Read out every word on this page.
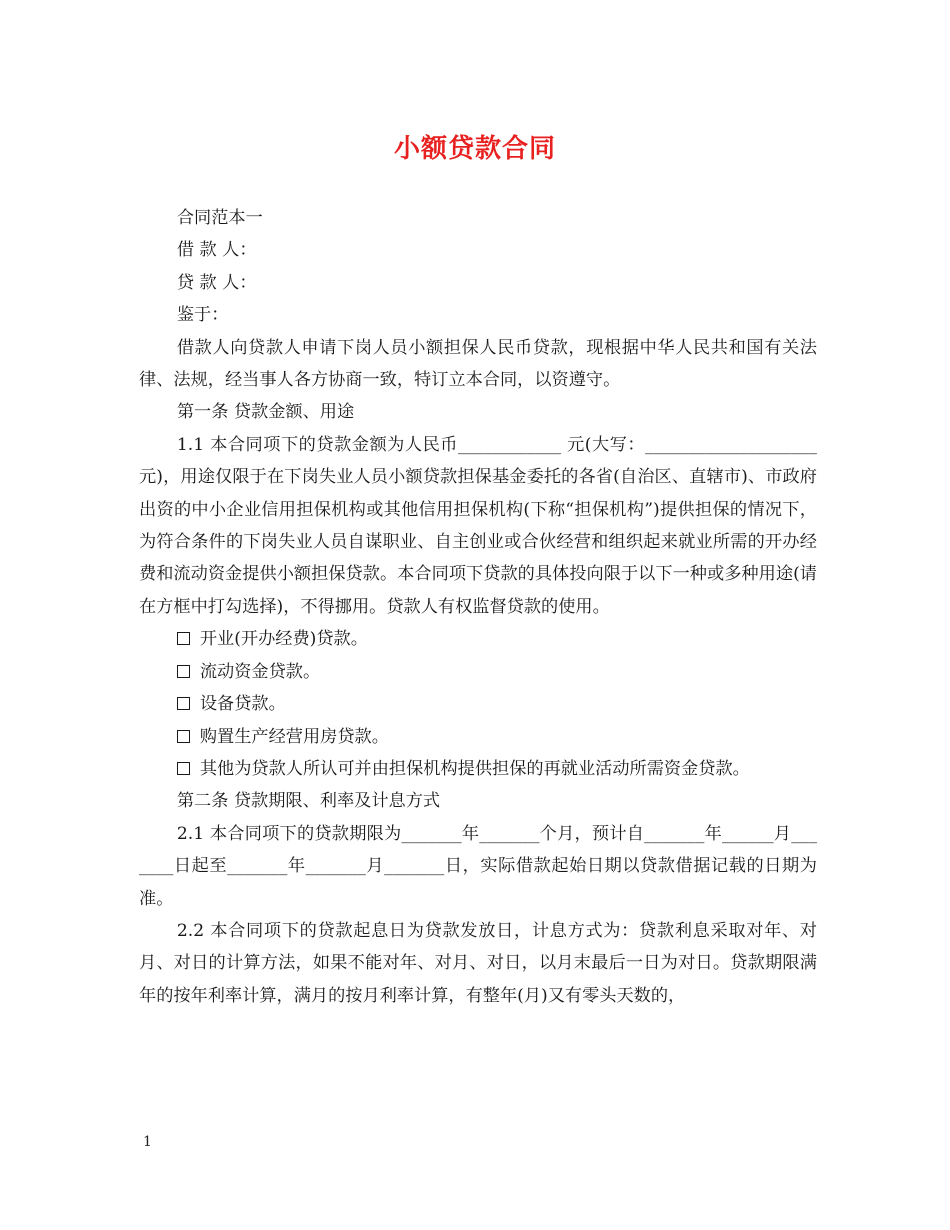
小额贷款合同

合同范本一

借 款 人：

贷 款 人：

鉴于：

借款人向贷款人申请下岗人员小额担保人民币贷款，现根据中华人民共和国有关法律、法规，经当事人各方协商一致，特订立本合同，以资遵守。

第一条 贷款金额、用途

1.1 本合同项下的贷款金额为人民币____________ 元(大写：____________________ 元)，用途仅限于在下岗失业人员小额贷款担保基金委托的各省(自治区、直辖市)、市政府出资的中小企业信用担保机构或其他信用担保机构(下称“担保机构”)提供担保的情况下，为符合条件的下岗失业人员自谋职业、自主创业或合伙经营和组织起来就业所需的开办经费和流动资金提供小额担保贷款。本合同项下贷款的具体投向限于以下一种或多种用途(请在方框中打勾选择)，不得挪用。贷款人有权监督贷款的使用。

开业(开办经费)贷款。

流动资金贷款。

设备贷款。

购置生产经营用房贷款。

其他为贷款人所认可并由担保机构提供担保的再就业活动所需资金贷款。

第二条 贷款期限、利率及计息方式

2.1 本合同项下的贷款期限为_______年_______个月，预计自_______年______月_______日起至_______年_______月_______日，实际借款起始日期以贷款借据记载的日期为准。

2.2 本合同项下的贷款起息日为贷款发放日，计息方式为：贷款利息采取对年、对月、对日的计算方法，如果不能对年、对月、对日，以月末最后一日为对日。贷款期限满年的按年利率计算，满月的按月利率计算，有整年(月)又有零头天数的，

1
